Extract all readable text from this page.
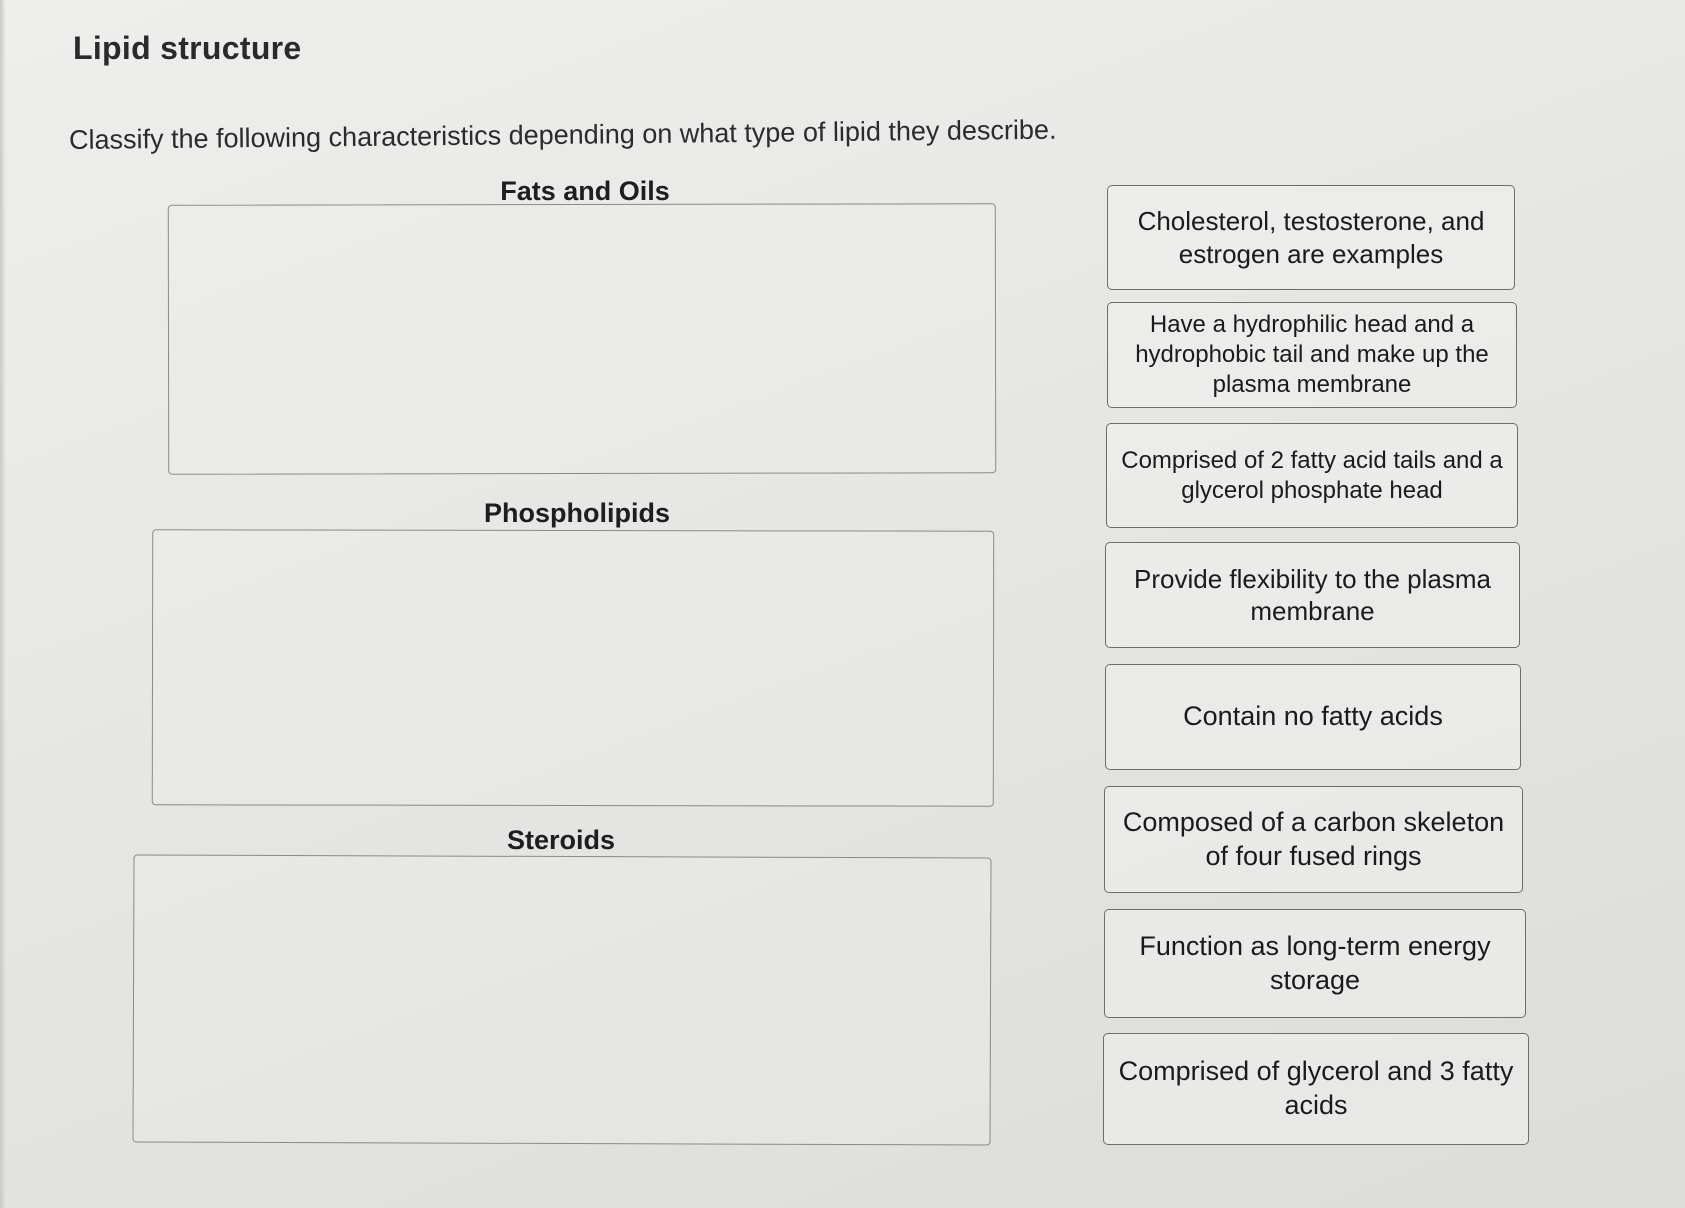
Lipid structure
Classify the following characteristics depending on what type of lipid they describe.
Fats and Oils
Phospholipids
Steroids
Cholesterol, testosterone, and estrogen are examples
Have a hydrophilic head and a hydrophobic tail and make up the plasma membrane
Comprised of 2 fatty acid tails and a glycerol phosphate head
Provide flexibility to the plasma membrane
Contain no fatty acids
Composed of a carbon skeleton of four fused rings
Function as long-term energy storage
Comprised of glycerol and 3 fatty acids
